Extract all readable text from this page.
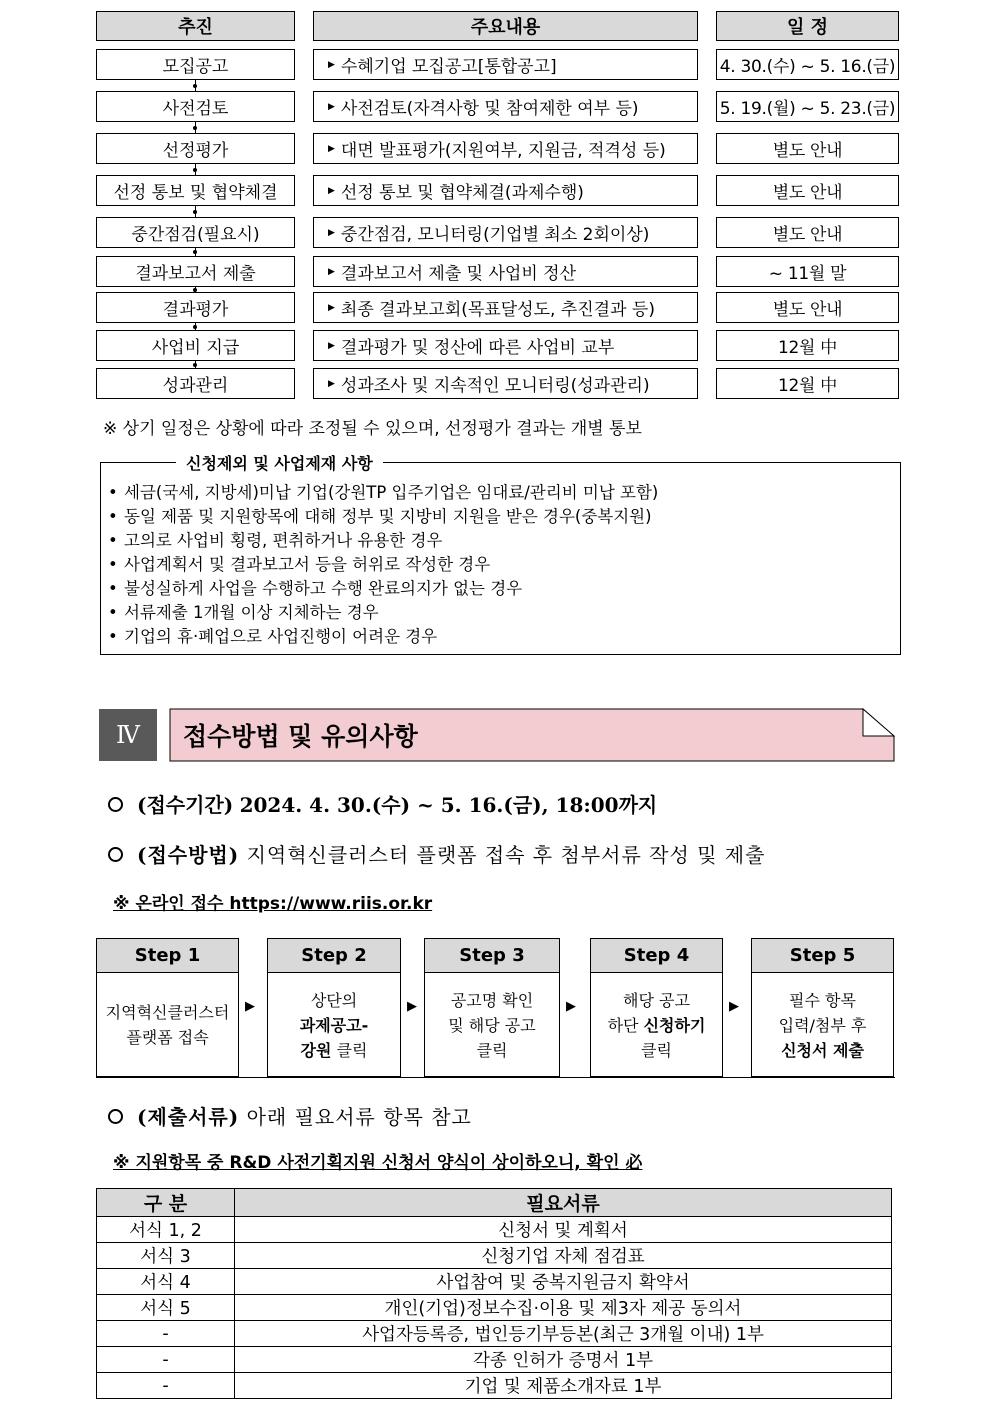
추진	주요내용	일 정
모집공고	▶ 수혜기업 모집공고[통합공고]	4. 30.(수) ~ 5. 16.(금)
사전검토	▶ 사전검토(자격사항 및 참여제한 여부 등)	5. 19.(월) ~ 5. 23.(금)
선정평가	▶ 대면 발표평가(지원여부, 지원금, 적격성 등)	별도 안내
선정 통보 및 협약체결	▶ 선정 통보 및 협약체결(과제수행)	별도 안내
중간점검(필요시)	▶ 중간점검, 모니터링(기업별 최소 2회이상)	별도 안내
결과보고서 제출	▶ 결과보고서 제출 및 사업비 정산	~ 11월 말
결과평가	▶ 최종 결과보고회(목표달성도, 추진결과 등)	별도 안내
사업비 지급	▶ 결과평가 및 정산에 따른 사업비 교부	12월 中
성과관리	▶ 성과조사 및 지속적인 모니터링(성과관리)	12월 中
※ 상기 일정은 상황에 따라 조정될 수 있으며, 선정평가 결과는 개별 통보
신청제외 및 사업제재 사항
• 세금(국세, 지방세)미납 기업(강원TP 입주기업은 임대료/관리비 미납 포함)
• 동일 제품 및 지원항목에 대해 정부 및 지방비 지원을 받은 경우(중복지원)
• 고의로 사업비 횡령, 편취하거나 유용한 경우
• 사업계획서 및 결과보고서 등을 허위로 작성한 경우
• 불성실하게 사업을 수행하고 수행 완료의지가 없는 경우
• 서류제출 1개월 이상 지체하는 경우
• 기업의 휴·폐업으로 사업진행이 어려운 경우
Ⅳ	접수방법 및 유의사항
(접수기간) 2024. 4. 30.(수) ~ 5. 16.(금), 18:00까지
(접수방법) 지역혁신클러스터 플랫폼 접속 후 첨부서류 작성 및 제출
※ 온라인 접수 https://www.riis.or.kr
Step 1
지역혁신클러스터
플랫폼 접속
▶
Step 2
상단의
과제공고-
강원 클릭
▶
Step 3
공고명 확인
및 해당 공고
클릭
▶
Step 4
해당 공고
하단 신청하기
클릭
▶
Step 5
필수 항목
입력/첨부 후
신청서 제출
(제출서류) 아래 필요서류 항목 참고
※ 지원항목 중 R&D 사전기획지원 신청서 양식이 상이하오니, 확인 必
구 분	필요서류
서식 1, 2	신청서 및 계획서
서식 3	신청기업 자체 점검표
서식 4	사업참여 및 중복지원금지 확약서
서식 5	개인(기업)정보수집·이용 및 제3자 제공 동의서
-	사업자등록증, 법인등기부등본(최근 3개월 이내) 1부
-	각종 인허가 증명서 1부
-	기업 및 제품소개자료 1부
